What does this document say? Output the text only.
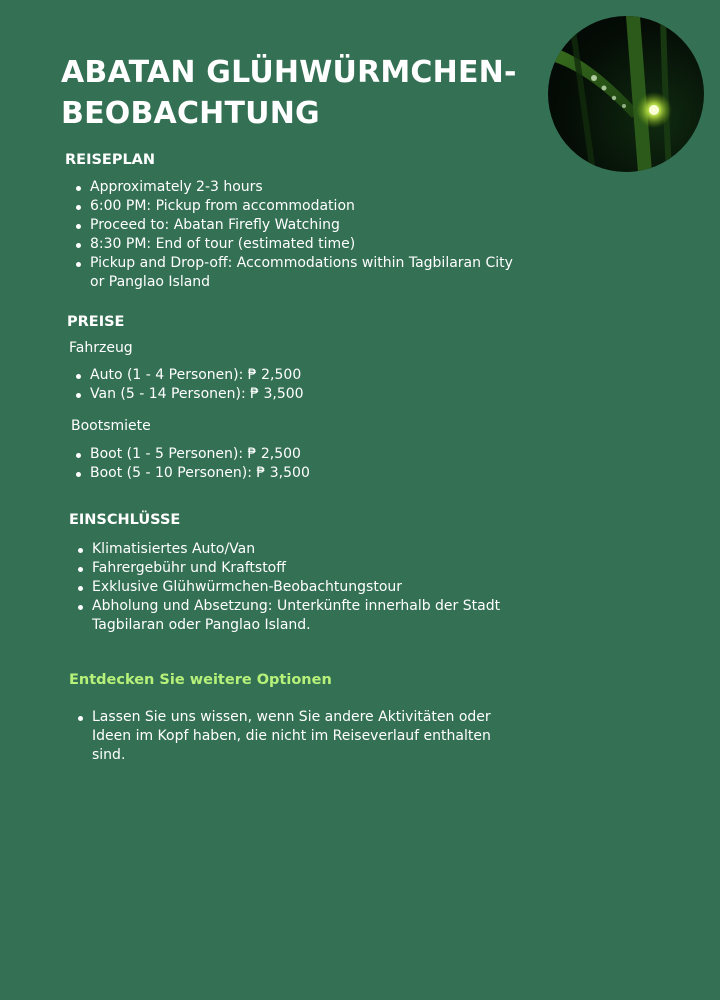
ABATAN GLÜHWÜRMCHEN-BEOBACHTUNG
REISEPLAN
Approximately 2-3 hours
6:00 PM: Pickup from accommodation
Proceed to: Abatan Firefly Watching
8:30 PM: End of tour (estimated time)
Pickup and Drop-off: Accommodations within Tagbilaran City or Panglao Island
PREISE

Fahrzeug

Auto (1 - 4 Personen): ₱ 2,500
Van (5 - 14 Personen): ₱ 3,500

Bootsmiete

Boot (1 - 5 Personen): ₱ 2,500
Boot (5 - 10 Personen): ₱ 3,500
EINSCHLÜSSE
Klimatisiertes Auto/Van
Fahrergebühr und Kraftstoff
Exklusive Glühwürmchen-Beobachtungstour
Abholung und Absetzung: Unterkünfte innerhalb der Stadt Tagbilaran oder Panglao Island.
Entdecken Sie weitere Optionen
Lassen Sie uns wissen, wenn Sie andere Aktivitäten oder Ideen im Kopf haben, die nicht im Reiseverlauf enthalten sind.
